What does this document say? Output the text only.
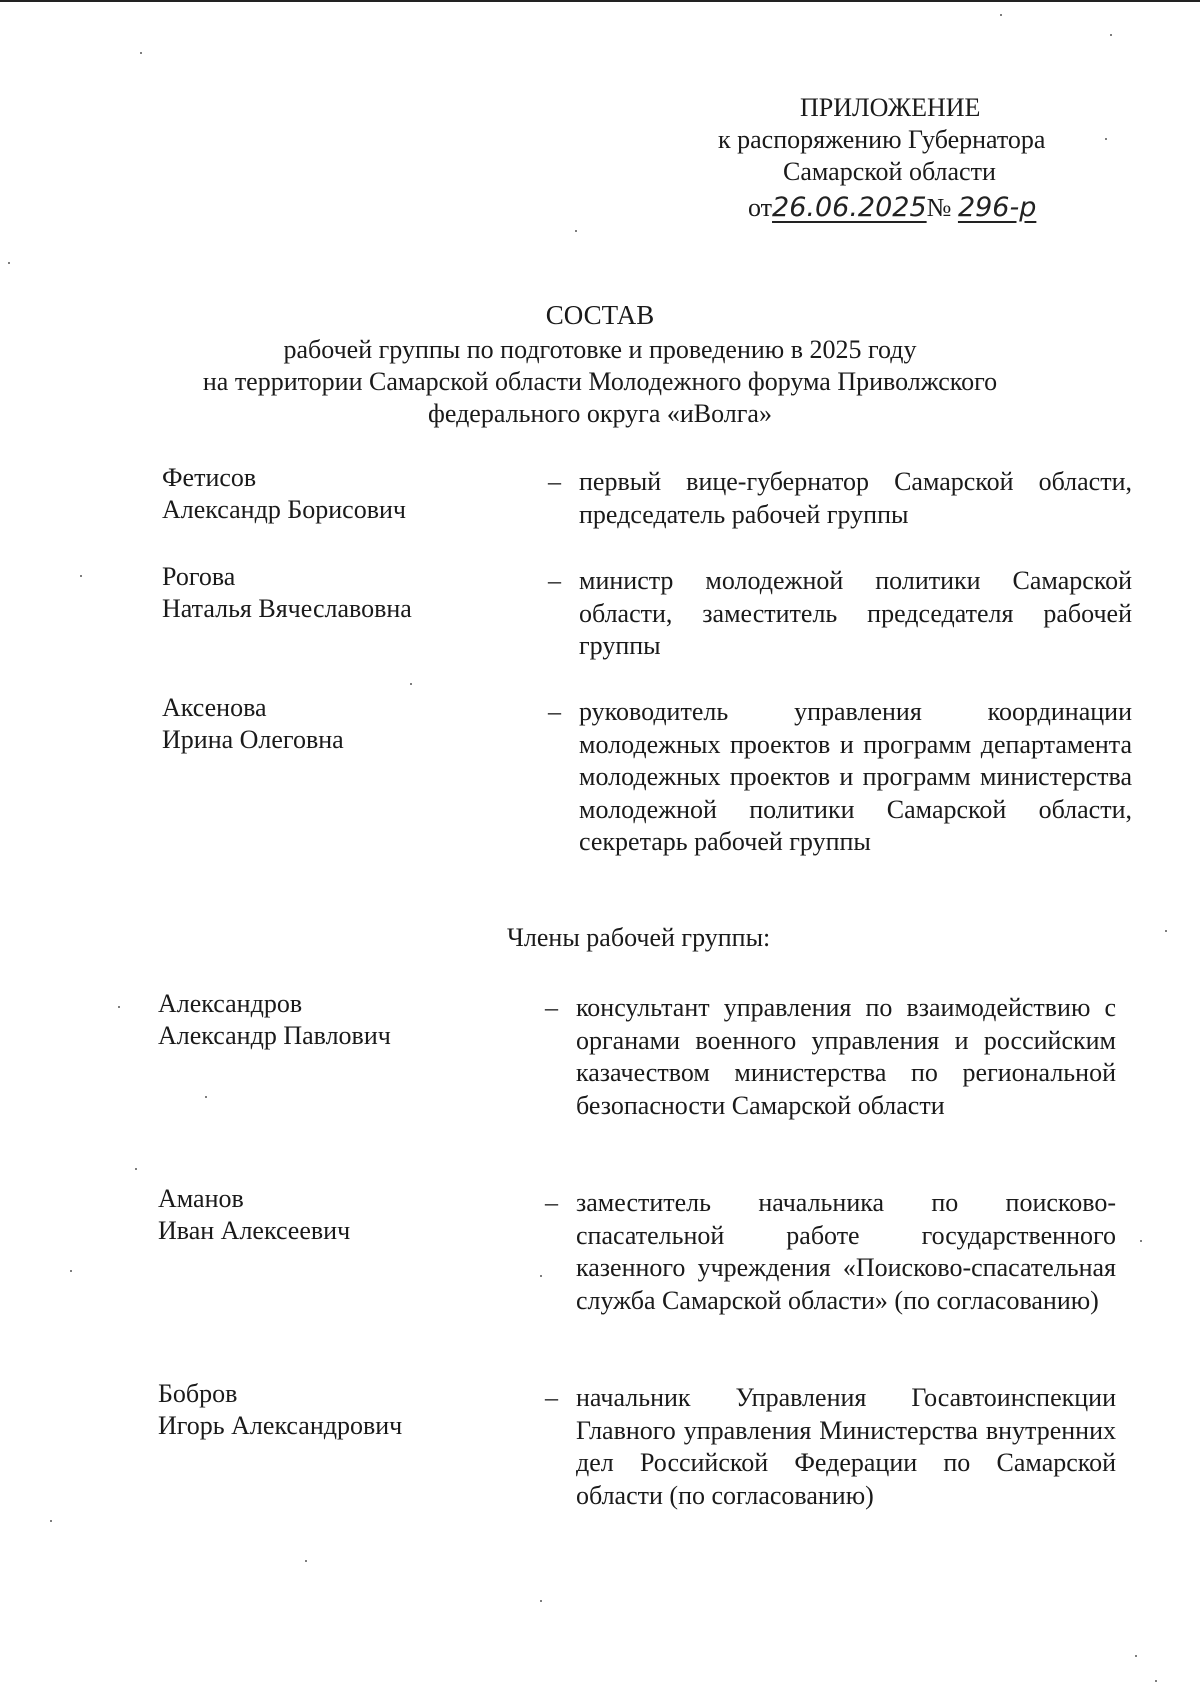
ПРИЛОЖЕНИЕ
к распоряжению Губернатора
Самарской области
от26.06.2025№ 296-р
СОСТАВ
рабочей группы по подготовке и проведению в 2025 году
на территории Самарской области Молодежного форума Приволжского
федерального округа «иВолга»
Фетисов
Александр Борисович
– первый вице-губернатор Самарской области, председатель рабочей группы
Рогова
Наталья Вячеславовна
– министр молодежной политики Самарской области, заместитель председателя рабочей группы
Аксенова
Ирина Олеговна
– руководитель управления координации молодежных проектов и программ департамента молодежных проектов и программ министерства молодежной политики Самарской области, секретарь рабочей группы
Члены рабочей группы:
Александров
Александр Павлович
– консультант управления по взаимодействию с органами военного управления и российским казачеством министерства по региональной безопасности Самарской области
Аманов
Иван Алексеевич
– заместитель начальника по поисково-спасательной работе государственного казенного учреждения «Поисково-спасательная служба Самарской области» (по согласованию)
Бобров
Игорь Александрович
– начальник Управления Госавтоинспекции Главного управления Министерства внутренних дел Российской Федерации по Самарской области (по согласованию)
